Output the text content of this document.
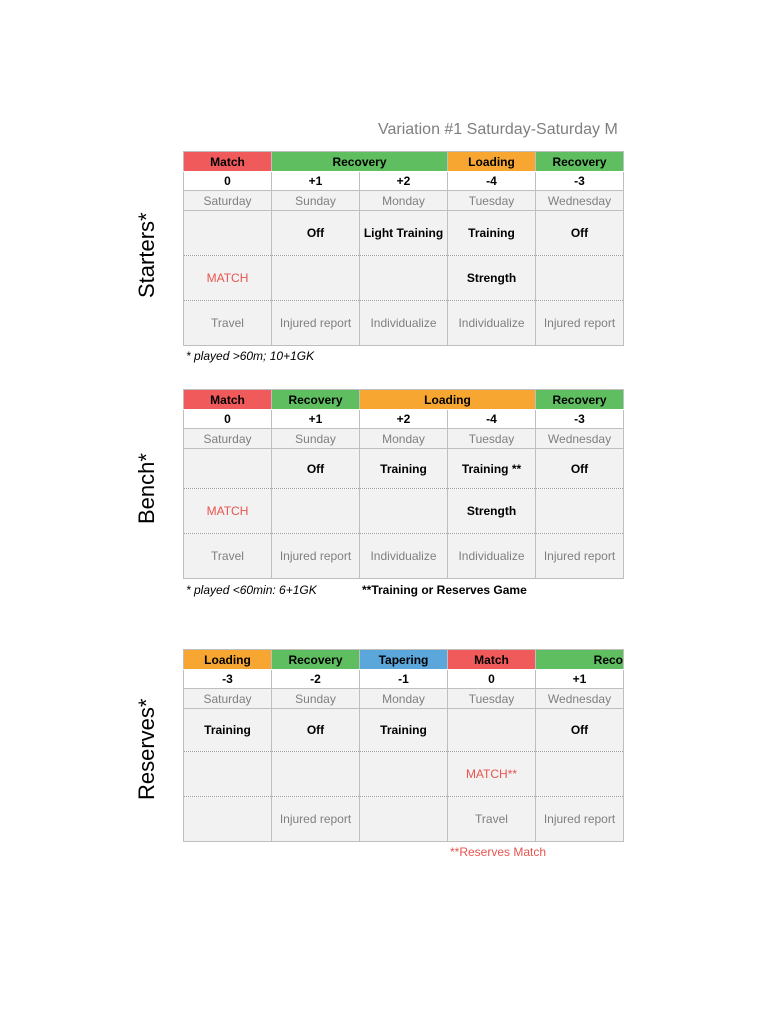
Variation #1 Saturday-Saturday M
Starters*
Match	Recovery		Loading	Recovery
0	+1	+2	-4	-3
Saturday	Sunday	Monday	Tuesday	Wednesday
	Off	Light Training	Training	Off
MATCH			Strength	
Travel	Injured report	Individualize	Individualize	Injured report
* played >60m; 10+1GK
Bench*
Match	Recovery	Loading		Recovery
0	+1	+2	-4	-3
Saturday	Sunday	Monday	Tuesday	Wednesday
	Off	Training	Training **	Off
MATCH			Strength	
Travel	Injured report	Individualize	Individualize	Injured report
* played <60min: 6+1GK	**Training or Reserves Game
Reserves*
Loading	Recovery	Tapering	Match	Reco
-3	-2	-1	0	+1
Saturday	Sunday	Monday	Tuesday	Wednesday
Training	Off	Training		Off
			MATCH**	
	Injured report		Travel	Injured report
**Reserves Match
